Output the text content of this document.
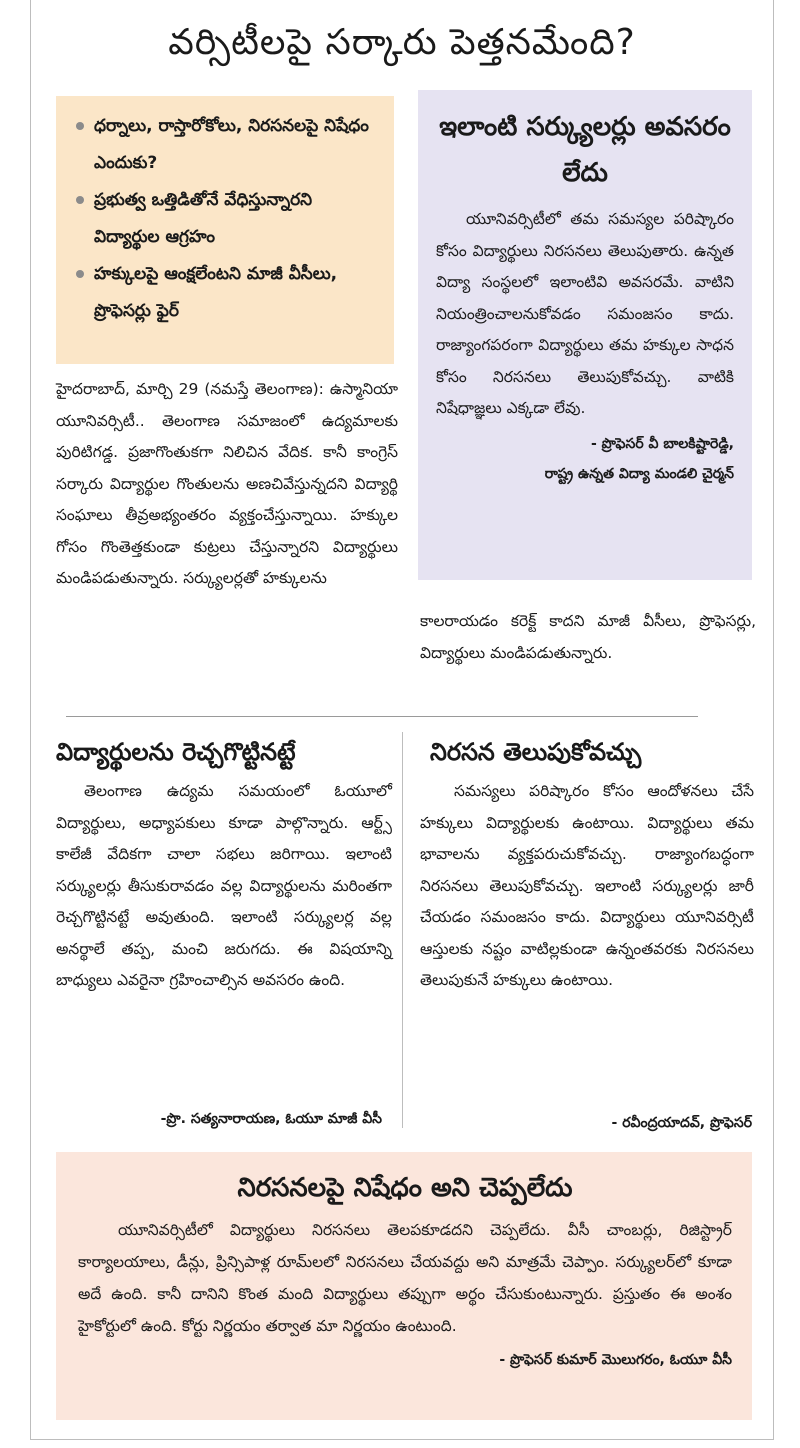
వర్సిటీలపై సర్కారు పెత్తనమేంది?
ధర్నాలు, రాస్తారోకోలు, నిరసనలపై నిషేధం ఎందుకు?
ప్రభుత్వ ఒత్తిడితోనే వేధిస్తున్నారని విద్యార్థుల ఆగ్రహం
హక్కులపై ఆంక్షలేంటని మాజీ వీసీలు, ప్రొఫెసర్లు ఫైర్
ఇలాంటి సర్క్యులర్లు అవసరం లేదు
యూనివర్సిటీలో తమ సమస్యల పరిష్కారం కోసం విద్యార్థులు నిరసనలు తెలుపుతారు. ఉన్నత విద్యా సంస్థలలో ఇలాంటివి అవసరమే. వాటిని నియంత్రించాలనుకోవడం సమంజసం కాదు. రాజ్యాంగపరంగా విద్యార్థులు తమ హక్కుల సాధన కోసం నిరసనలు తెలుపుకోవచ్చు. వాటికి నిషేధాజ్ఞలు ఎక్కడా లేవు.
- ప్రొఫెసర్ వీ బాలకిష్టారెడ్డి,
రాష్ట్ర ఉన్నత విద్యా మండలి చైర్మన్
హైదరాబాద్, మార్చి 29 (నమస్తే తెలంగాణ): ఉస్మానియా యూనివర్సిటీ.. తెలంగాణ సమాజంలో ఉద్యమాలకు పురిటిగడ్డ. ప్రజాగొంతుకగా నిలిచిన వేదిక. కానీ కాంగ్రెస్ సర్కారు విద్యార్థుల గొంతులను అణచివేస్తున్నదని విద్యార్థి సంఘాలు తీవ్రఅభ్యంతరం వ్యక్తంచేస్తున్నాయి. హక్కుల గోసం గొంతెత్తకుండా కుట్రలు చేస్తున్నారని విద్యార్థులు మండిపడుతున్నారు. సర్క్యులర్లతో హక్కులను
కాలరాయడం కరెక్ట్ కాదని మాజీ వీసీలు, ప్రొఫెసర్లు, విద్యార్థులు మండిపడుతున్నారు.
విద్యార్థులను రెచ్చగొట్టినట్టే
తెలంగాణ ఉద్యమ సమయంలో ఓయూలో విద్యార్థులు, అధ్యాపకులు కూడా పాల్గొన్నారు. ఆర్ట్స్ కాలేజీ వేదికగా చాలా సభలు జరిగాయి. ఇలాంటి సర్క్యులర్లు తీసుకురావడం వల్ల విద్యార్థులను మరింతగా రెచ్చగొట్టినట్టే అవుతుంది. ఇలాంటి సర్క్యులర్ల వల్ల అనర్థాలే తప్ప, మంచి జరుగదు. ఈ విషయాన్ని బాధ్యులు ఎవరైనా గ్రహించాల్సిన అవసరం ఉంది.
-ప్రొ. సత్యనారాయణ, ఓయూ మాజీ వీసీ
నిరసన తెలుపుకోవచ్చు
సమస్యలు పరిష్కారం కోసం ఆందోళనలు చేసే హక్కులు విద్యార్థులకు ఉంటాయి. విద్యార్థులు తమ భావాలను వ్యక్తపరుచుకోవచ్చు. రాజ్యాంగబద్ధంగా నిరసనలు తెలుపుకోవచ్చు. ఇలాంటి సర్క్యులర్లు జారీ చేయడం సమంజసం కాదు. విద్యార్థులు యూనివర్సిటీ ఆస్తులకు నష్టం వాటిల్లకుండా ఉన్నంతవరకు నిరసనలు తెలుపుకునే హక్కులు ఉంటాయి.
- రవీంద్రయాదవ్, ప్రొఫెసర్
నిరసనలపై నిషేధం అని చెప్పలేదు
యూనివర్సిటీలో విద్యార్థులు నిరసనలు తెలపకూడదని చెప్పలేదు. వీసీ చాంబర్లు, రిజిస్ట్రార్ కార్యాలయాలు, డీన్లు, ప్రిన్సిపాళ్ల రూమ్‌లలో నిరసనలు చేయవద్దు అని మాత్రమే చెప్పాం. సర్క్యులర్‌లో కూడా అదే ఉంది. కానీ దానిని కొంత మంది విద్యార్థులు తప్పుగా అర్థం చేసుకుంటున్నారు. ప్రస్తుతం ఈ అంశం హైకోర్టులో ఉంది. కోర్టు నిర్ణయం తర్వాత మా నిర్ణయం ఉంటుంది.
- ప్రొఫెసర్ కుమార్ మొలుగరం, ఓయూ వీసీ
